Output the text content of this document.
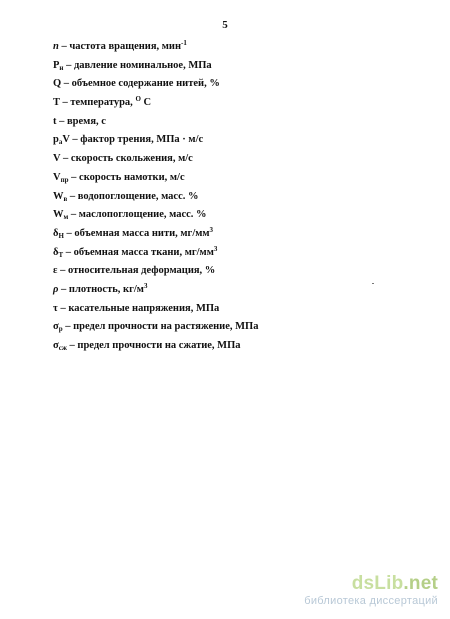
5
n – частота вращения, мин$^{-1}$
$P_н$ – давление номинальное, МПа
Q – объемное содержание нитей, %
T – температура, $^O$ C
t – время, с
$p_aV$ – фактор трения, МПа · м/с
V – скорость скольжения, м/с
$V_{пр}$ – скорость намотки, м/с
$W_в$ – водопоглощение, масс. %
$W_м$ – маслопоглощение, масс. %
$\delta_Н$ – объемная масса нити, $мг/мм^3$
$\delta_Т$ – объемная масса ткани, $мг/мм^3$
ε – относительная деформация, %
ρ – плотность, $кг/м^3$
τ – касательные напряжения, МПа
$\sigma_р$ – предел прочности на растяжение, МПа
$\sigma_{сж}$ – предел прочности на сжатие, МПа
dsLib.net
библиотека диссертаций
